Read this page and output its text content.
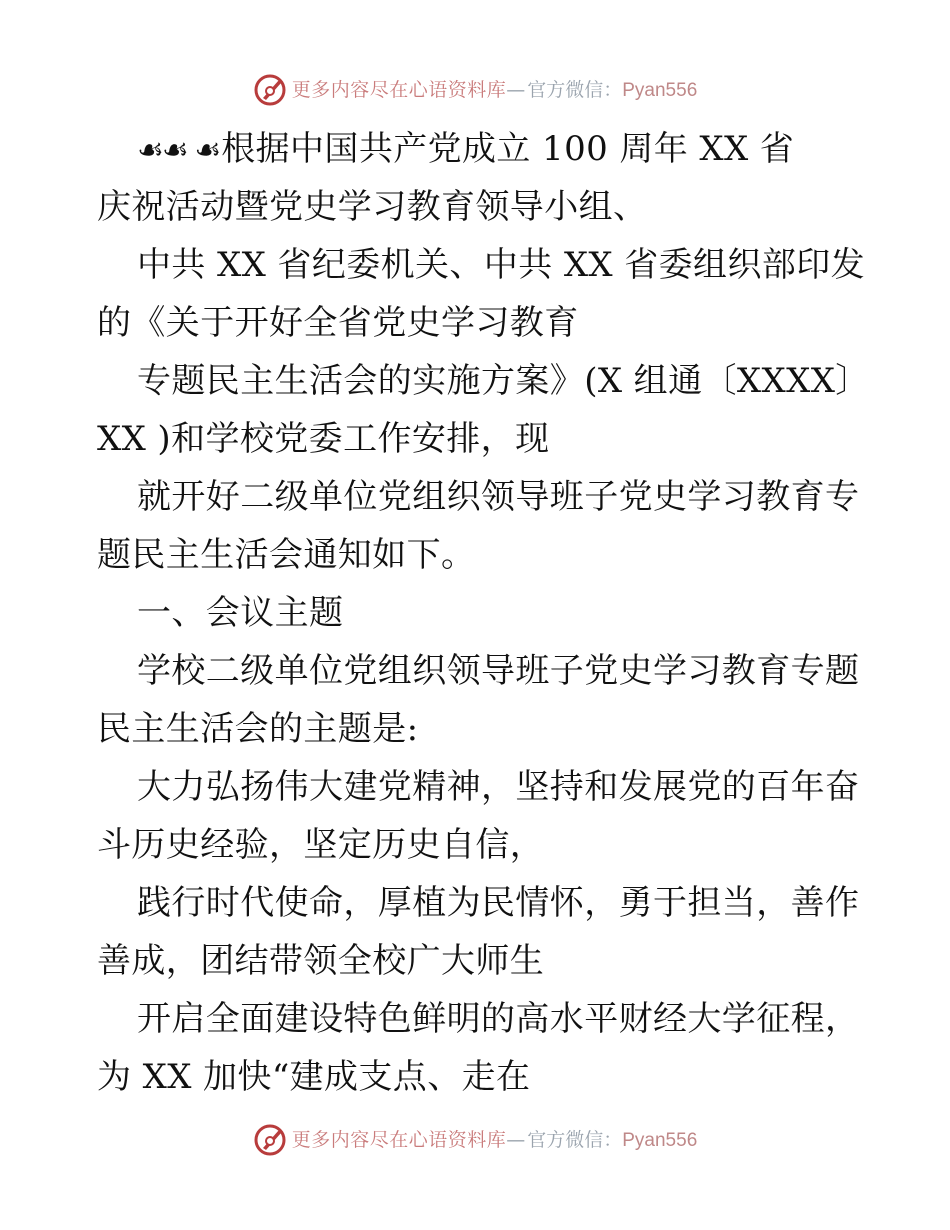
更多内容尽在心语资料库 — 官方微信： Pyan556
☙☙ ☙根据中国共产党成立 100 周年 XX 省
庆祝活动暨党史学习教育领导小组、
中共 XX 省纪委机关、中共 XX 省委组织部印发
的《关于开好全省党史学习教育
专题民主生活会的实施方案》(X 组通〔XXXX〕
XX )和学校党委工作安排，现
就开好二级单位党组织领导班子党史学习教育专
题民主生活会通知如下。
一、会议主题
学校二级单位党组织领导班子党史学习教育专题
民主生活会的主题是:
大力弘扬伟大建党精神，坚持和发展党的百年奋
斗历史经验，坚定历史自信，
践行时代使命，厚植为民情怀，勇于担当，善作
善成，团结带领全校广大师生
开启全面建设特色鲜明的高水平财经大学征程，
为 XX 加快“建成支点、走在
更多内容尽在心语资料库 — 官方微信： Pyan556
